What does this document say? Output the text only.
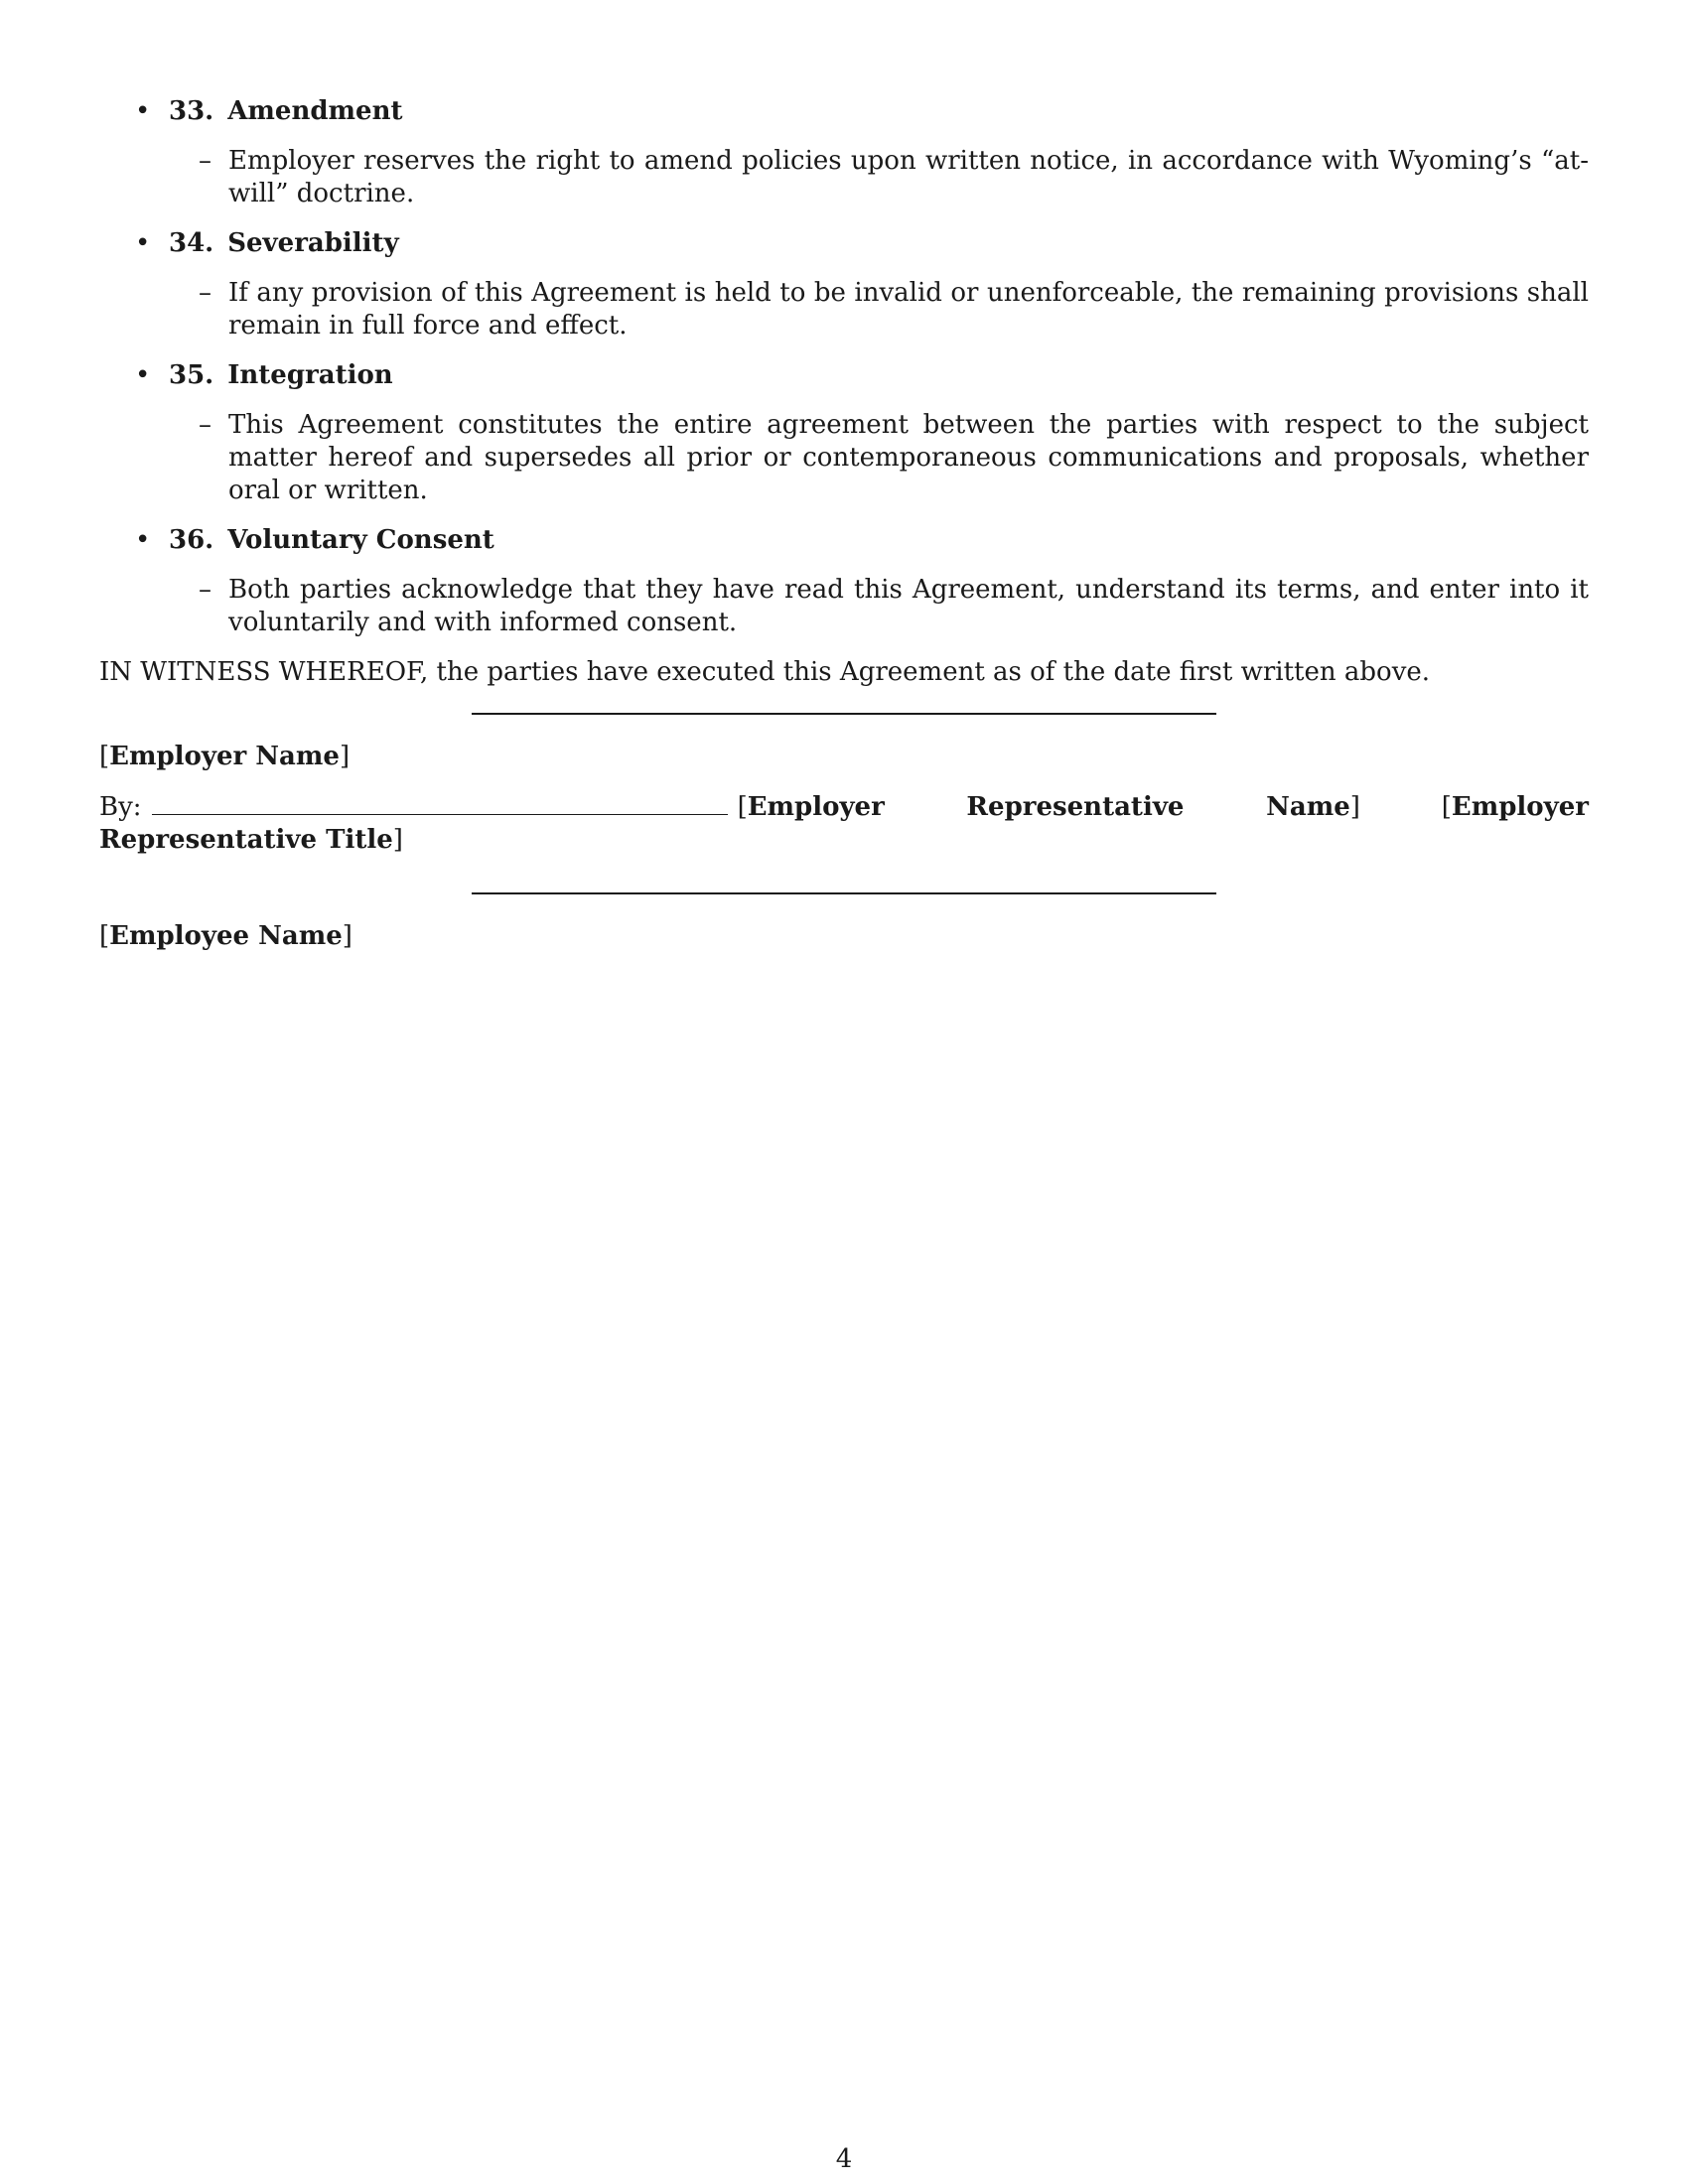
• 33. Amendment
– Employer reserves the right to amend policies upon written notice, in accordance with Wyoming’s “at-will” doctrine.
• 34. Severability
– If any provision of this Agreement is held to be invalid or unenforceable, the remaining provisions shall remain in full force and effect.
• 35. Integration
– This Agreement constitutes the entire agreement between the parties with respect to the subject matter hereof and supersedes all prior or contemporaneous communications and proposals, whether oral or written.
• 36. Voluntary Consent
– Both parties acknowledge that they have read this Agreement, understand its terms, and enter into it voluntarily and with informed consent.
IN WITNESS WHEREOF, the parties have executed this Agreement as of the date first written above.
[Employer Name]
By:	[Employer Representative Name] [Employer Representative Title]
[Employee Name]
4
